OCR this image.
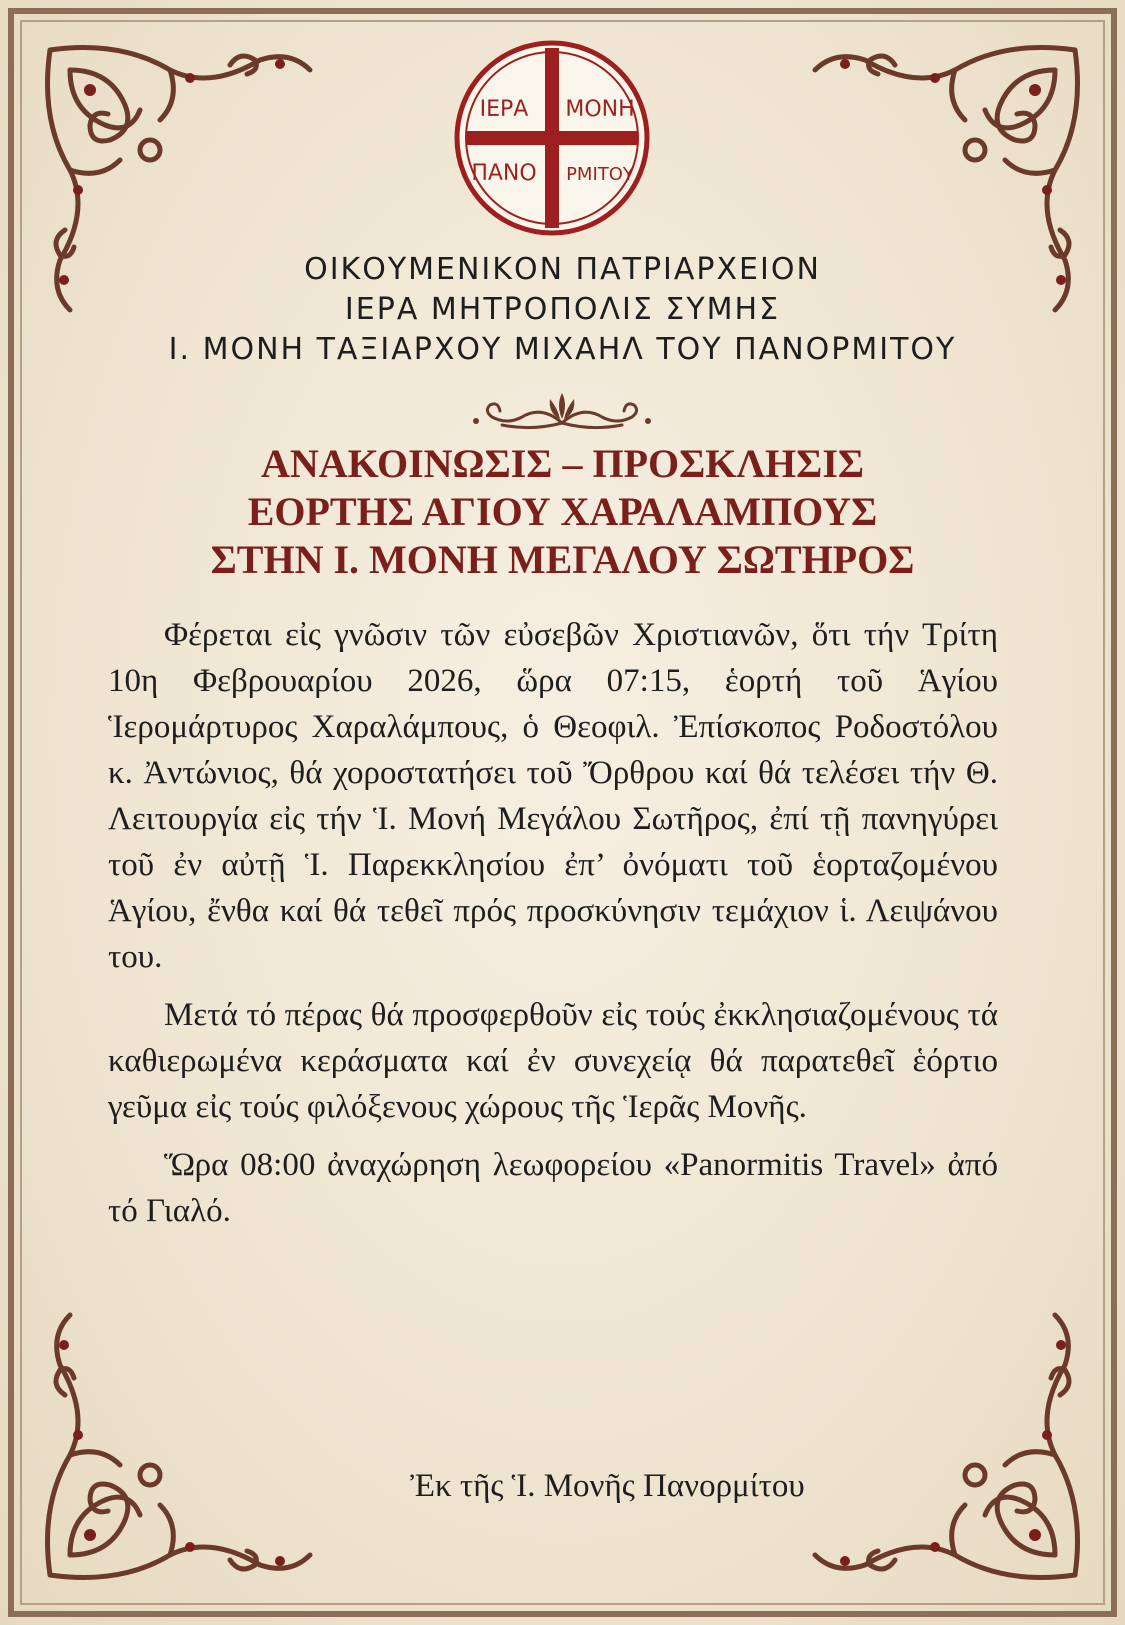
ΙΕΡΑ ΜΟΝΗ
ΠΑΝΟ ΡΜΙΤΟΥ
ΟΙΚΟΥΜΕΝΙΚΟΝ ΠΑΤΡΙΑΡΧΕΙΟΝ
ΙΕΡΑ ΜΗΤΡΟΠΟΛΙΣ ΣΥΜΗΣ
Ι. ΜΟΝΗ ΤΑΞΙΑΡΧΟΥ ΜΙΧΑΗΛ ΤΟΥ ΠΑΝΟΡΜΙΤΟΥ
ΑΝΑΚΟΙΝΩΣΙΣ – ΠΡΟΣΚΛΗΣΙΣ
ΕΟΡΤΗΣ ΑΓΙΟΥ ΧΑΡΑΛΑΜΠΟΥΣ
ΣΤΗΝ Ι. ΜΟΝΗ ΜΕΓΑΛΟΥ ΣΩΤΗΡΟΣ

Φέρεται εἰς γνῶσιν τῶν εὐσεβῶν Χριστιανῶν, ὅτι τήν Τρίτη 10η Φεβρουαρίου 2026, ὥρα 07:15, ἑορτή τοῦ Ἁγίου Ἱερομάρτυρος Χαραλάμπους, ὁ Θεοφιλ. Ἐπίσκοπος Ροδοστόλου κ. Ἀντώνιος, θά χοροστατήσει τοῦ Ὄρθρου καί θά τελέσει τήν Θ. Λειτουργία εἰς τήν Ἱ. Μονή Μεγάλου Σωτῆρος, ἐπί τῇ πανηγύρει τοῦ ἐν αὐτῇ Ἱ. Παρεκκλησίου ἐπ’ ὀνόματι τοῦ ἑορταζομένου Ἁγίου, ἔνθα καί θά τεθεῖ πρός προσκύνησιν τεμάχιον ἱ. Λειψάνου του.

Μετά τό πέρας θά προσφερθοῦν εἰς τούς ἐκκλησιαζομένους τά καθιερωμένα κεράσματα καί ἐν συνεχείᾳ θά παρατεθεῖ ἑόρτιο γεῦμα εἰς τούς φιλόξενους χώρους τῆς Ἱερᾶς Μονῆς.

Ὥρα 08:00 ἀναχώρηση λεωφορείου «Panormitis Travel» ἀπό τό Γιαλό.

Ἐκ τῆς Ἱ. Μονῆς Πανορμίτου
